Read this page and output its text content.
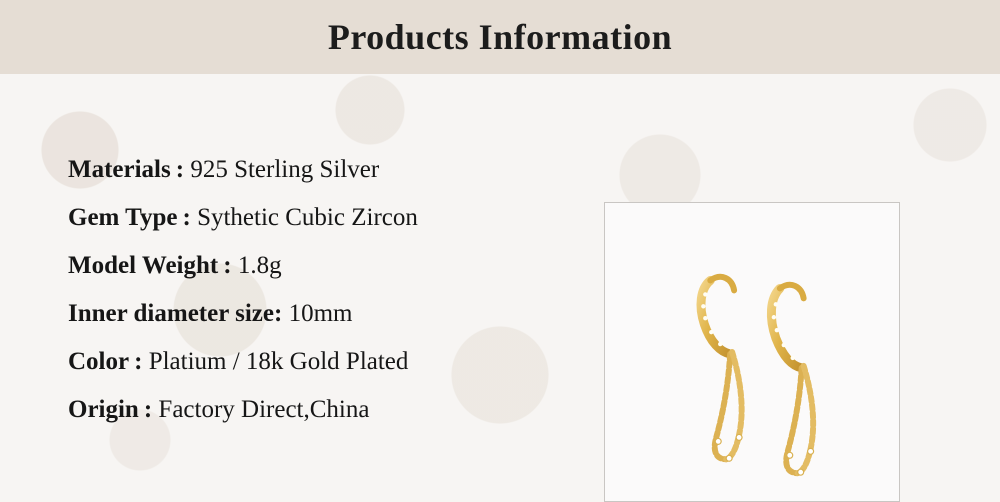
Products Information
Materials : 925 Sterling Silver
Gem Type : Sythetic Cubic Zircon
Model Weight : 1.8g
Inner diameter size: 10mm
Color : Platium / 18k Gold Plated
Origin : Factory Direct,China
